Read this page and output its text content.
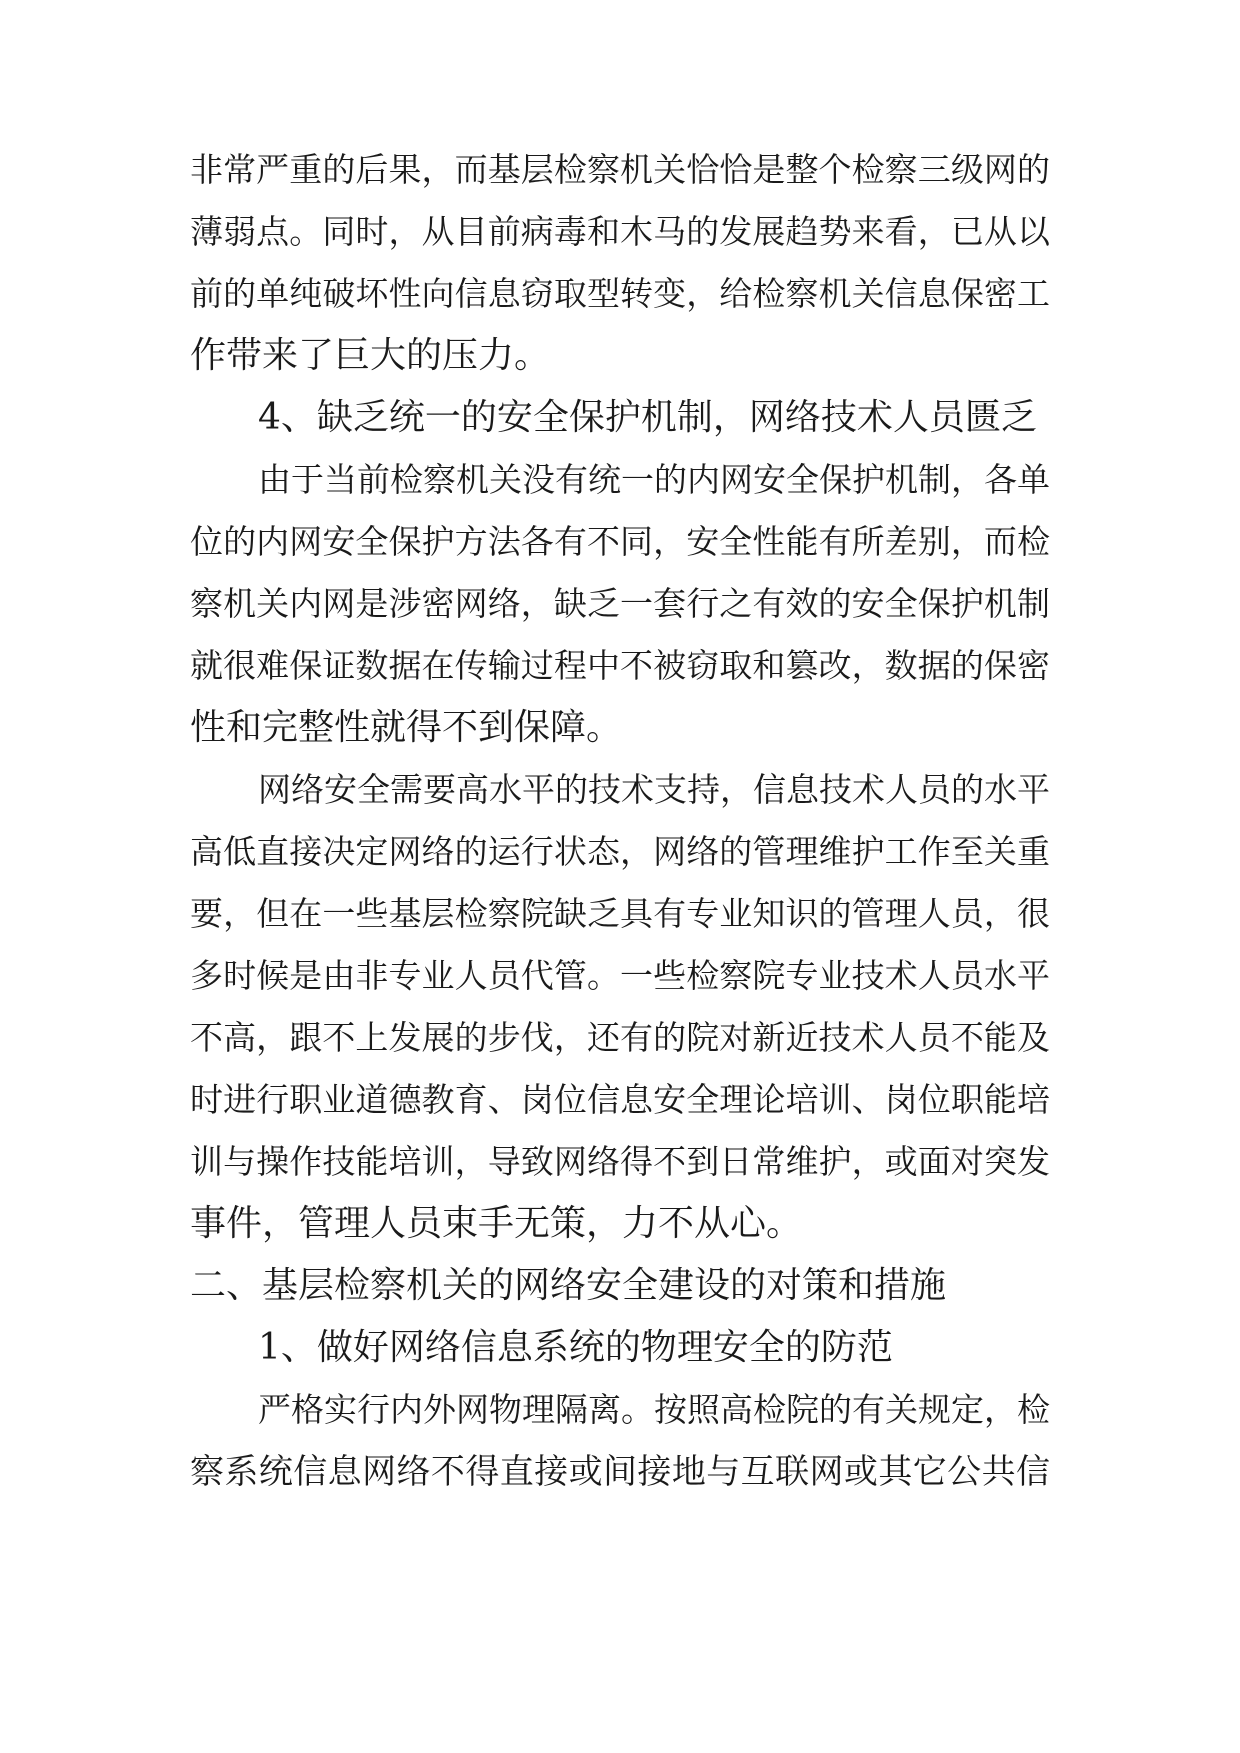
非常严重的后果，而基层检察机关恰恰是整个检察三级网的
薄弱点。同时，从目前病毒和木马的发展趋势来看，已从以
前的单纯破坏性向信息窃取型转变，给检察机关信息保密工
作带来了巨大的压力。
4、缺乏统一的安全保护机制，网络技术人员匮乏
由于当前检察机关没有统一的内网安全保护机制，各单
位的内网安全保护方法各有不同，安全性能有所差别，而检
察机关内网是涉密网络，缺乏一套行之有效的安全保护机制
就很难保证数据在传输过程中不被窃取和篡改，数据的保密
性和完整性就得不到保障。
网络安全需要高水平的技术支持，信息技术人员的水平
高低直接决定网络的运行状态，网络的管理维护工作至关重
要，但在一些基层检察院缺乏具有专业知识的管理人员，很
多时候是由非专业人员代管。一些检察院专业技术人员水平
不高，跟不上发展的步伐，还有的院对新近技术人员不能及
时进行职业道德教育、岗位信息安全理论培训、岗位职能培
训与操作技能培训，导致网络得不到日常维护，或面对突发
事件，管理人员束手无策，力不从心。
二、基层检察机关的网络安全建设的对策和措施
1、做好网络信息系统的物理安全的防范
严格实行内外网物理隔离。按照高检院的有关规定，检
察系统信息网络不得直接或间接地与互联网或其它公共信
